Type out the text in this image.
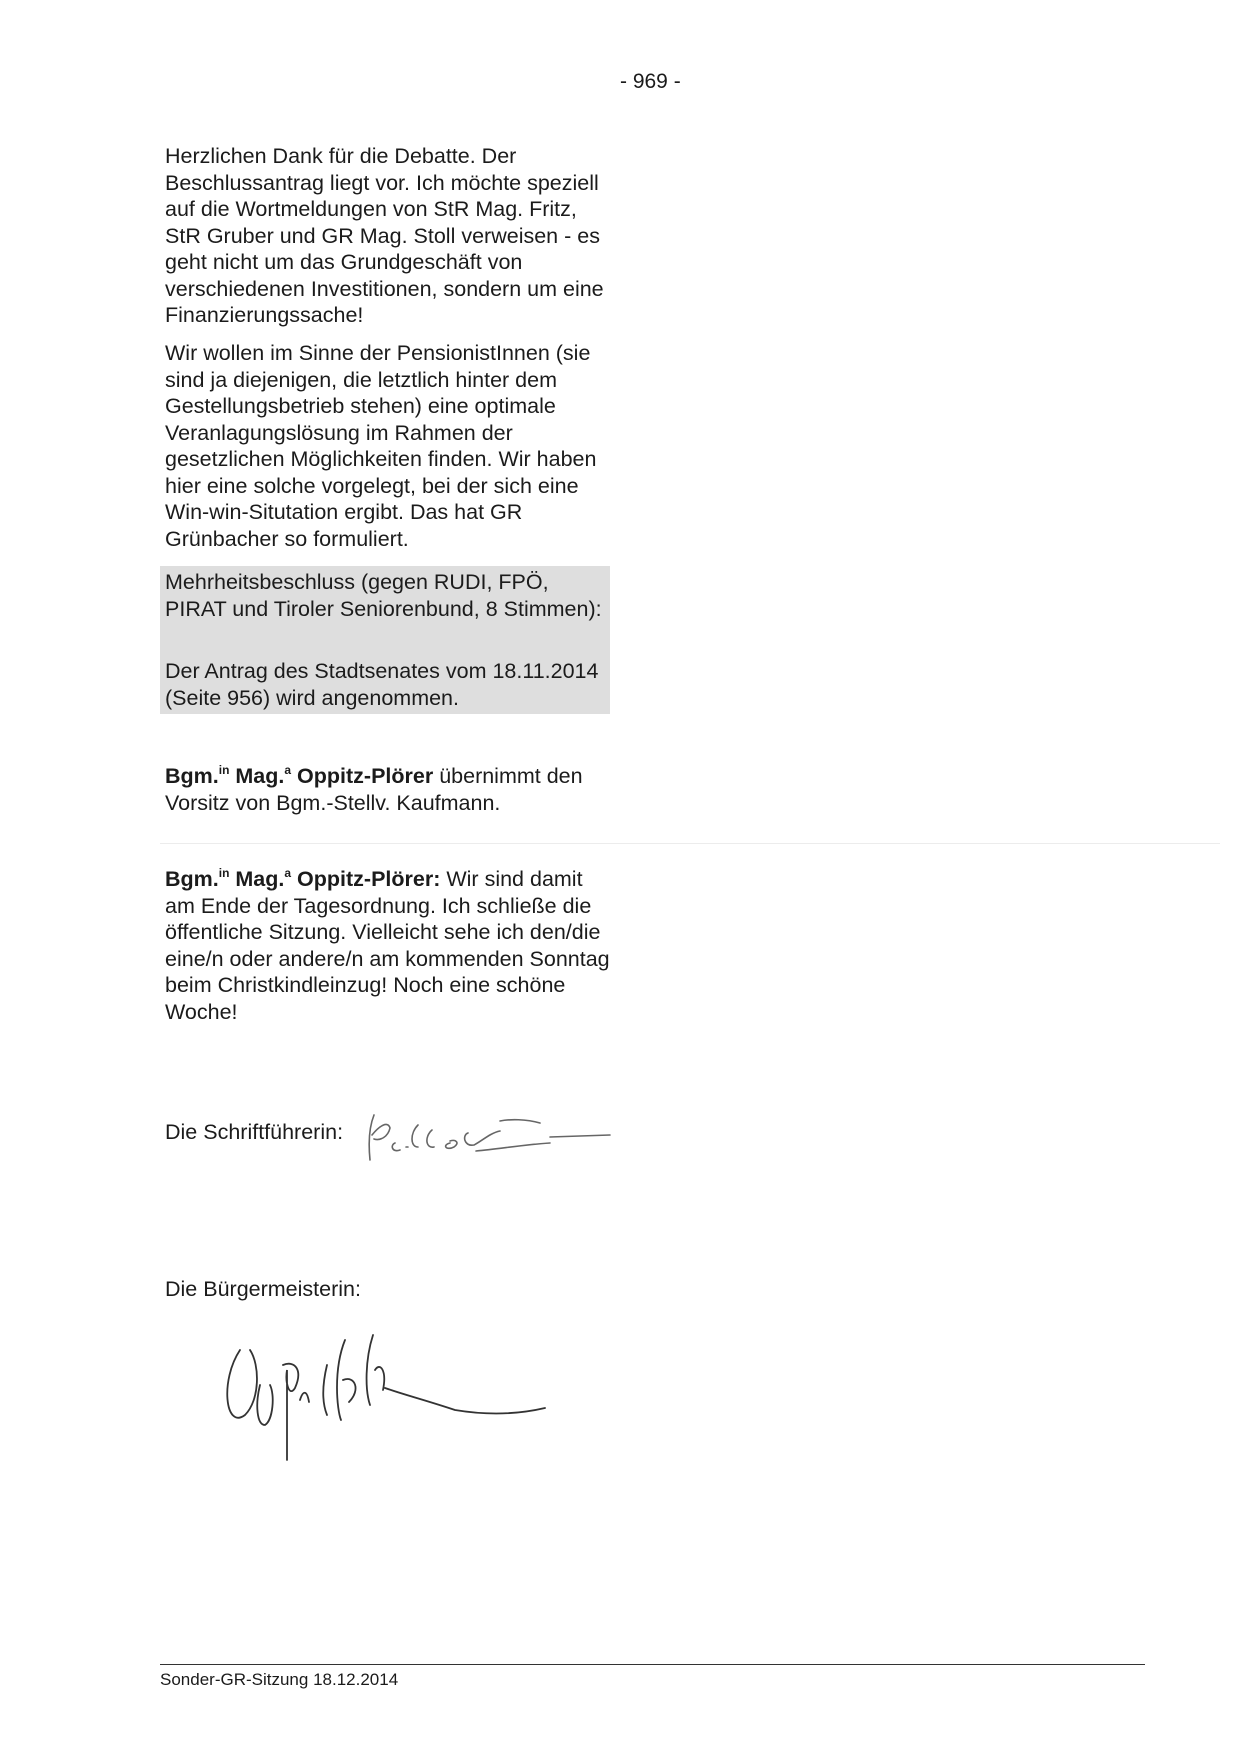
- 969 -

Herzlichen Dank für die Debatte. Der Beschlussantrag liegt vor. Ich möchte speziell auf die Wortmeldungen von StR Mag. Fritz, StR Gruber und GR Mag. Stoll verweisen - es geht nicht um das Grundgeschäft von verschiedenen Investitionen, sondern um eine Finanzierungssache!

Wir wollen im Sinne der PensionistInnen (sie sind ja diejenigen, die letztlich hinter dem Gestellungsbetrieb stehen) eine optimale Veranlagungslösung im Rahmen der gesetzlichen Möglichkeiten finden. Wir haben hier eine solche vorgelegt, bei der sich eine Win-win-Situtation ergibt. Das hat GR Grünbacher so formuliert.

Mehrheitsbeschluss (gegen RUDI, FPÖ, PIRAT und Tiroler Seniorenbund, 8 Stimmen):
Der Antrag des Stadtsenates vom 18.11.2014 (Seite 956) wird angenommen.
Bgm.$^{in}$ Mag.$^a$ Oppitz-Plörer übernimmt den Vorsitz von Bgm.-Stellv. Kaufmann.
Bgm.$^{in}$ Mag.$^a$ Oppitz-Plörer: Wir sind damit am Ende der Tagesordnung. Ich schließe die öffentliche Sitzung. Vielleicht sehe ich den/die eine/n oder andere/n am kommenden Sonntag beim Christkindleinzug! Noch eine schöne Woche!
Die Schriftführerin:
Die Bürgermeisterin:
Sonder-GR-Sitzung 18.12.2014
